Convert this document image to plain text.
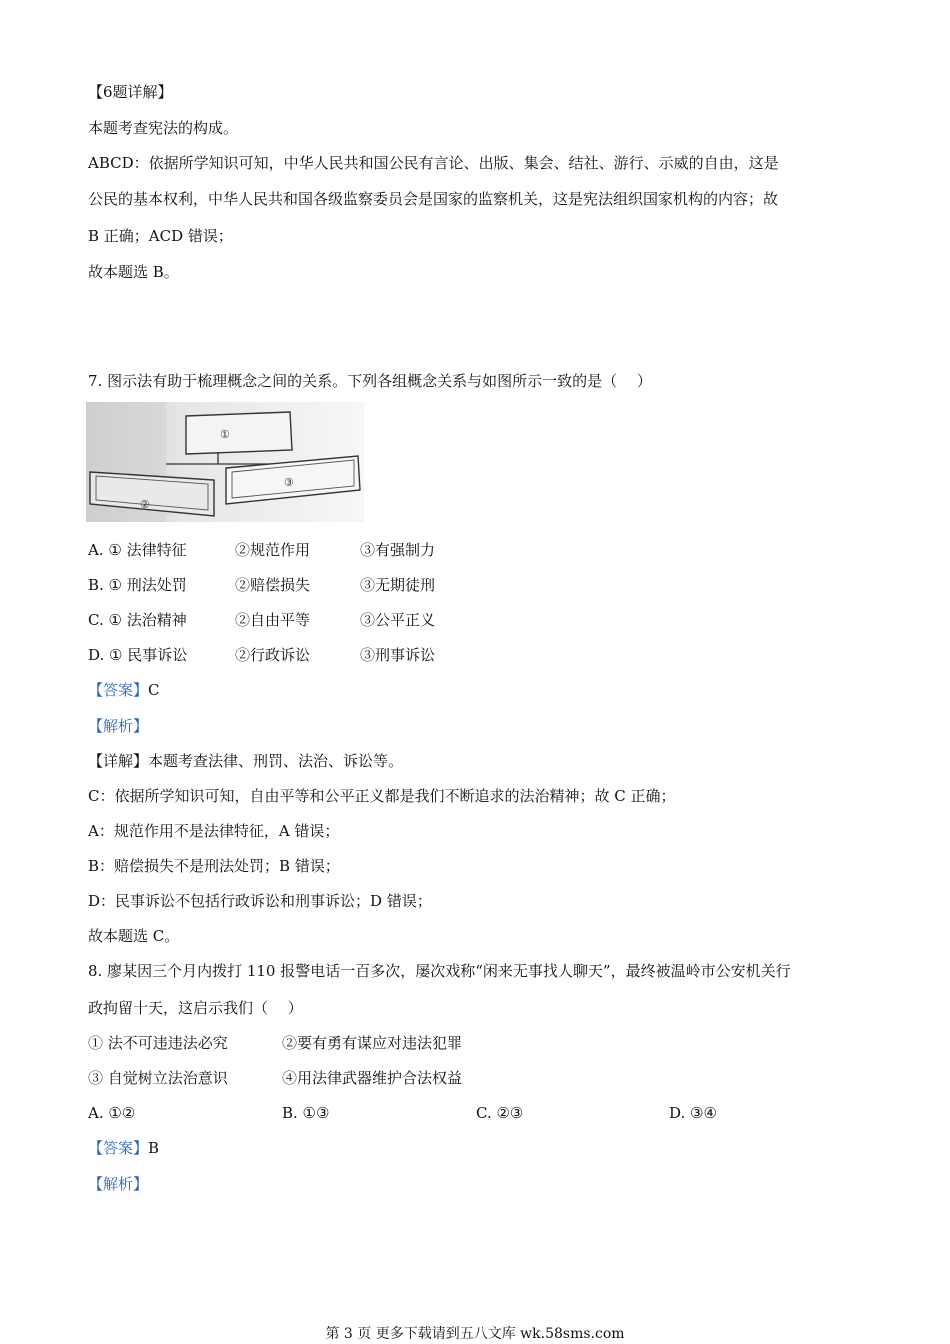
【6题详解】
本题考查宪法的构成。
ABCD：依据所学知识可知，中华人民共和国公民有言论、出版、集会、结社、游行、示威的自由，这是
公民的基本权利，中华人民共和国各级监察委员会是国家的监察机关，这是宪法组织国家机构的内容；故
B 正确；ACD 错误；
故本题选 B。
7. 图示法有助于梳理概念之间的关系。下列各组概念关系与如图所示一致的是（　 ）
①
③
②
A. ① 法律特征	②规范作用	③有强制力
B. ① 刑法处罚	②赔偿损失	③无期徒刑
C. ① 法治精神	②自由平等	③公平正义
D. ① 民事诉讼	②行政诉讼	③刑事诉讼
【答案】C
【解析】
【详解】本题考查法律、刑罚、法治、诉讼等。
C：依据所学知识可知，自由平等和公平正义都是我们不断追求的法治精神；故 C 正确；
A：规范作用不是法律特征，A 错误；
B：赔偿损失不是刑法处罚；B 错误；
D：民事诉讼不包括行政诉讼和刑事诉讼；D 错误；
故本题选 C。
8. 廖某因三个月内拨打 110 报警电话一百多次，屡次戏称“闲来无事找人聊天”，最终被温岭市公安机关行
政拘留十天，这启示我们（　 ）
① 法不可违违法必究	②要有勇有谋应对违法犯罪
③ 自觉树立法治意识	④用法律武器维护合法权益
A. ①②	B. ①③	C. ②③	D. ③④
【答案】B
【解析】
第 3 页 更多下载请到五八文库 wk.58sms.com
